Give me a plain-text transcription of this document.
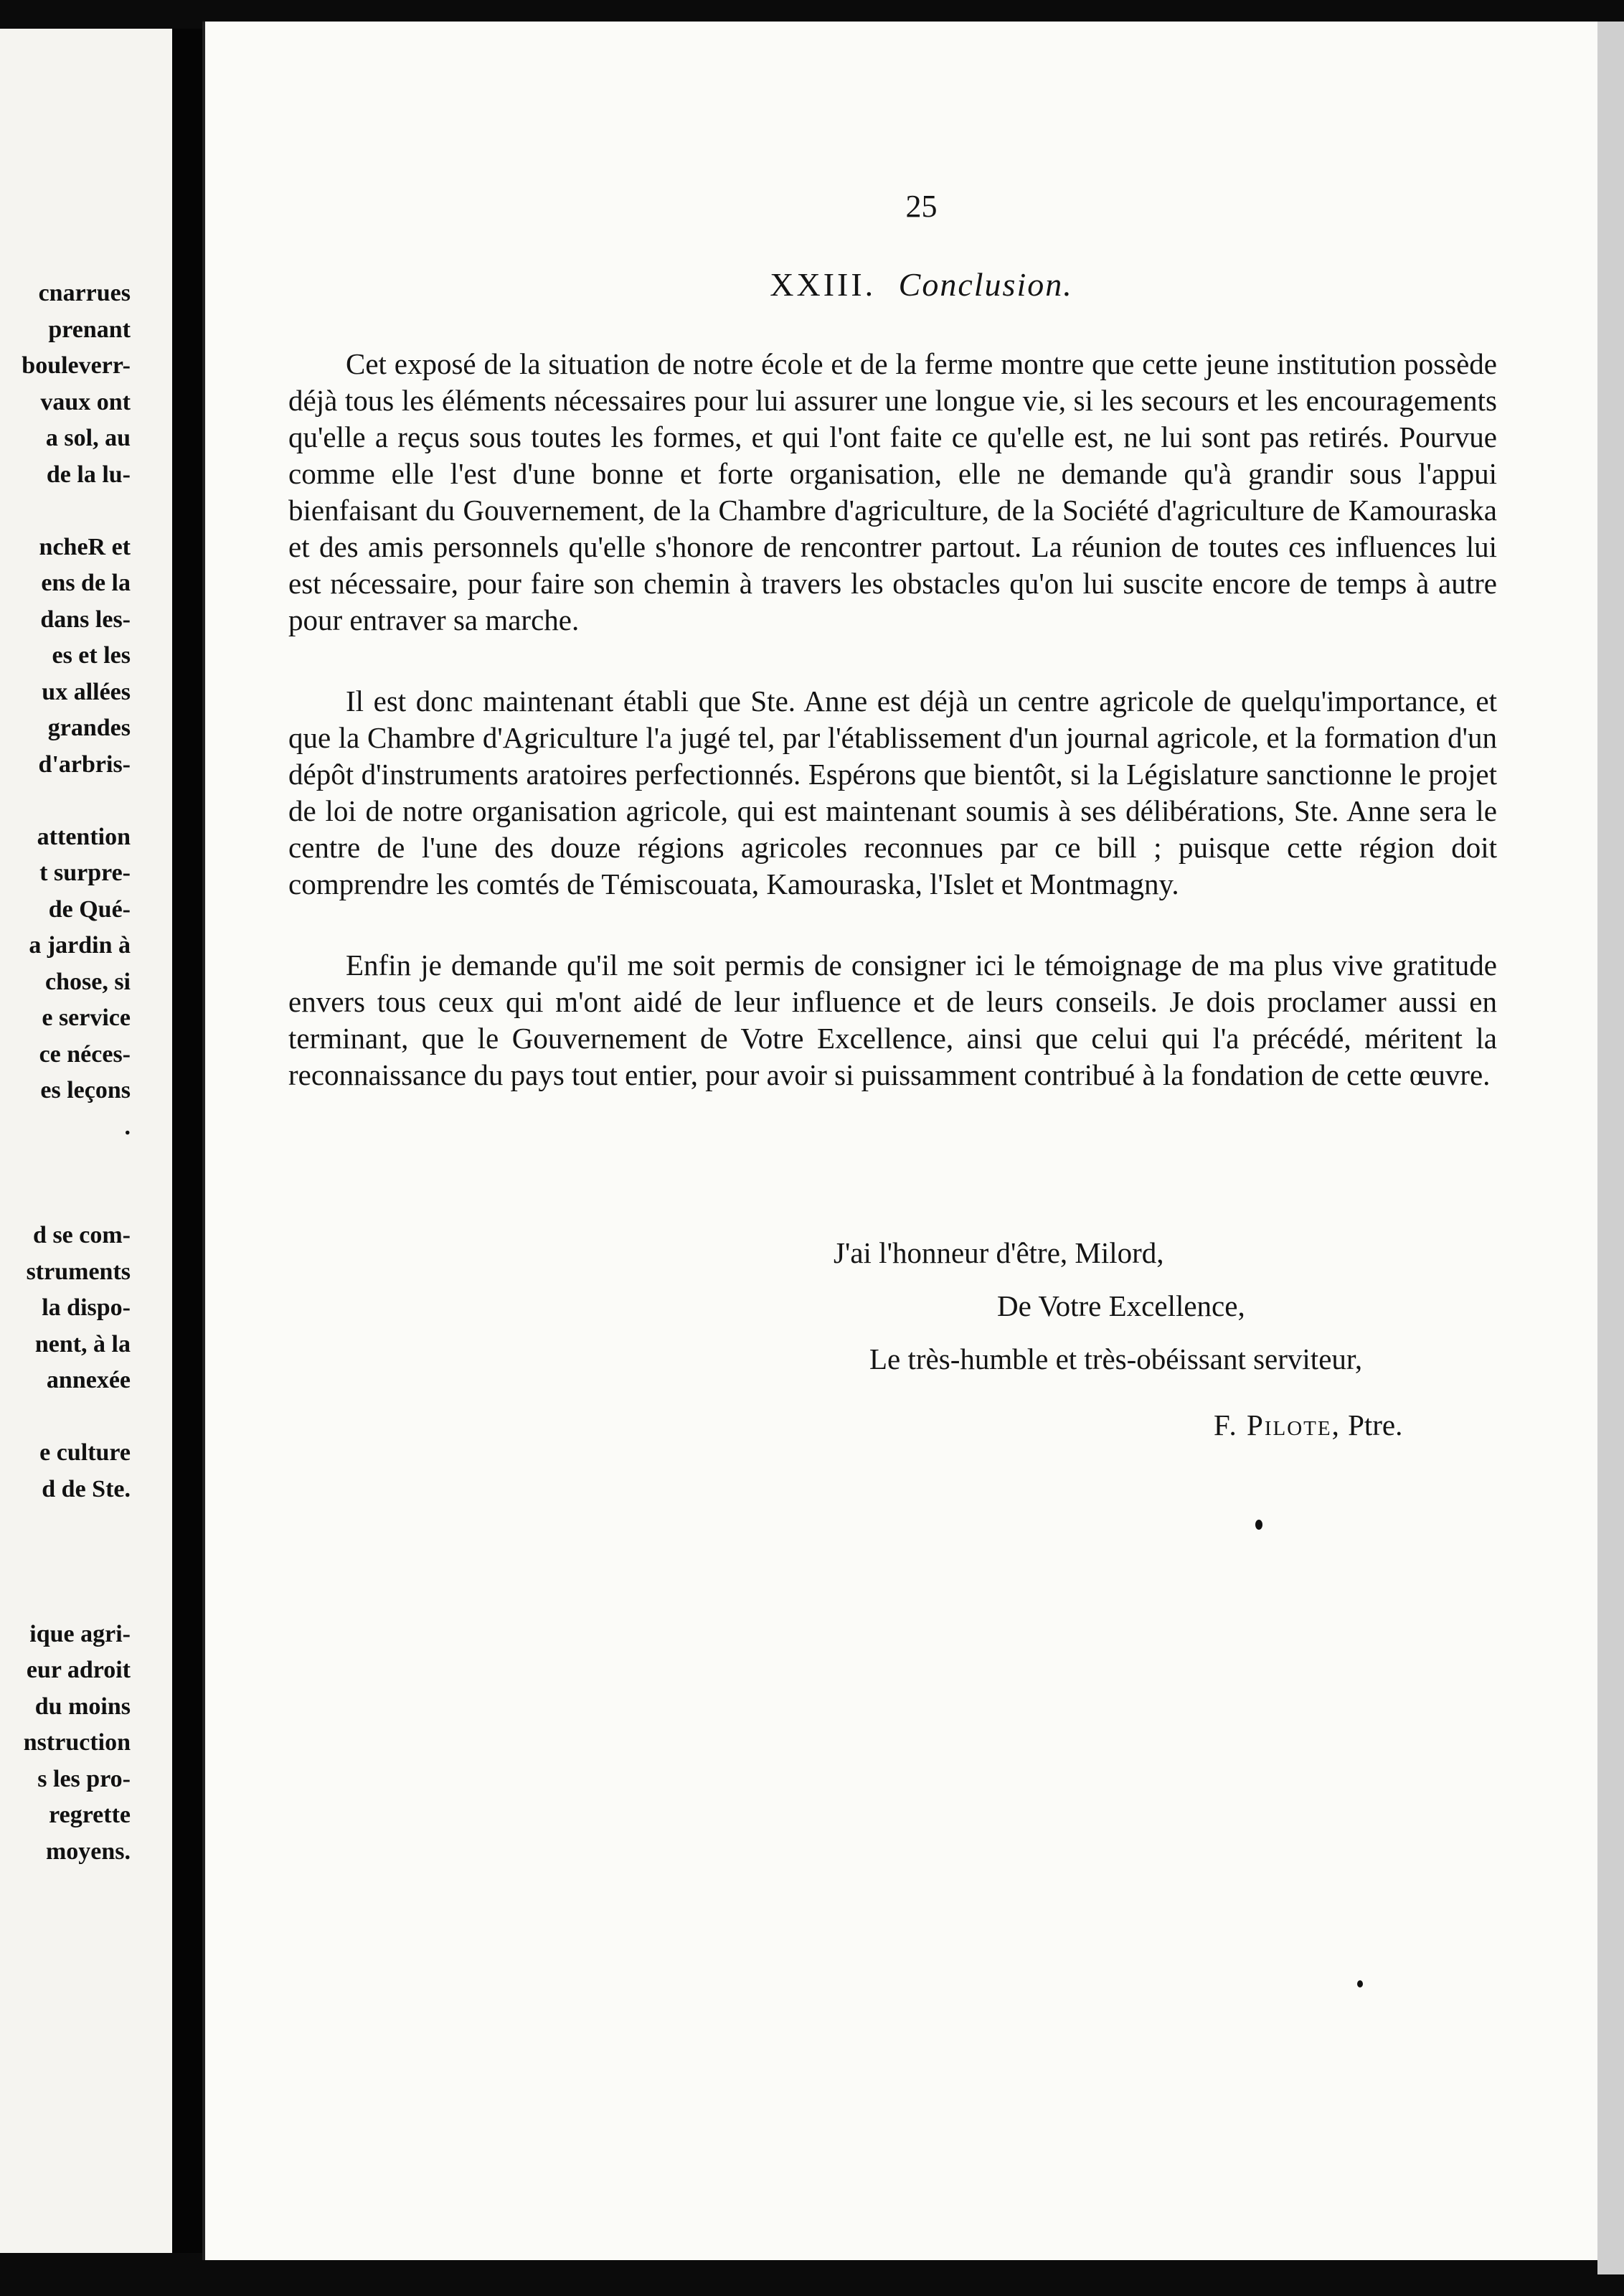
cnarrues
prenant
bouleverr-
vaux ont
a sol, au
de la lu-
ncheR et
ens de la
dans les-
es et les
ux allées
grandes
d'arbris-
attention
t surpre-
de Qué-
a jardin à
chose, si
e service
ce néces-
es leçons
.
d se com-
struments
la dispo-
nent, à la
annexée
e culture
d de Ste.
ique agri-
eur adroit
du moins
nstruction
s les pro-
regrette
moyens.
25
XXIII. Conclusion.

Cet exposé de la situation de notre école et de la ferme montre que cette jeune institution possède déjà tous les éléments nécessaires pour lui assurer une longue vie, si les secours et les encouragements qu'elle a reçus sous toutes les formes, et qui l'ont faite ce qu'elle est, ne lui sont pas retirés. Pourvue comme elle l'est d'une bonne et forte organisation, elle ne demande qu'à grandir sous l'appui bienfaisant du Gouvernement, de la Chambre d'agriculture, de la Société d'agriculture de Kamouraska et des amis personnels qu'elle s'honore de rencontrer partout. La réunion de toutes ces influences lui est nécessaire, pour faire son chemin à travers les obstacles qu'on lui suscite encore de temps à autre pour entraver sa marche.

Il est donc maintenant établi que Ste. Anne est déjà un centre agricole de quelqu'importance, et que la Chambre d'Agriculture l'a jugé tel, par l'établissement d'un journal agricole, et la formation d'un dépôt d'instruments aratoires perfectionnés. Espérons que bientôt, si la Législature sanctionne le projet de loi de notre organisation agricole, qui est maintenant soumis à ses délibérations, Ste. Anne sera le centre de l'une des douze régions agricoles reconnues par ce bill ; puisque cette région doit comprendre les comtés de Témiscouata, Kamouraska, l'Islet et Montmagny.

Enfin je demande qu'il me soit permis de consigner ici le témoignage de ma plus vive gratitude envers tous ceux qui m'ont aidé de leur influence et de leurs conseils. Je dois proclamer aussi en terminant, que le Gouvernement de Votre Excellence, ainsi que celui qui l'a précédé, méritent la reconnaissance du pays tout entier, pour avoir si puissamment contribué à la fondation de cette œuvre.

J'ai l'honneur d'être, Milord,
De Votre Excellence,
Le très-humble et très-obéissant serviteur,
F. Pilote, Ptre.
